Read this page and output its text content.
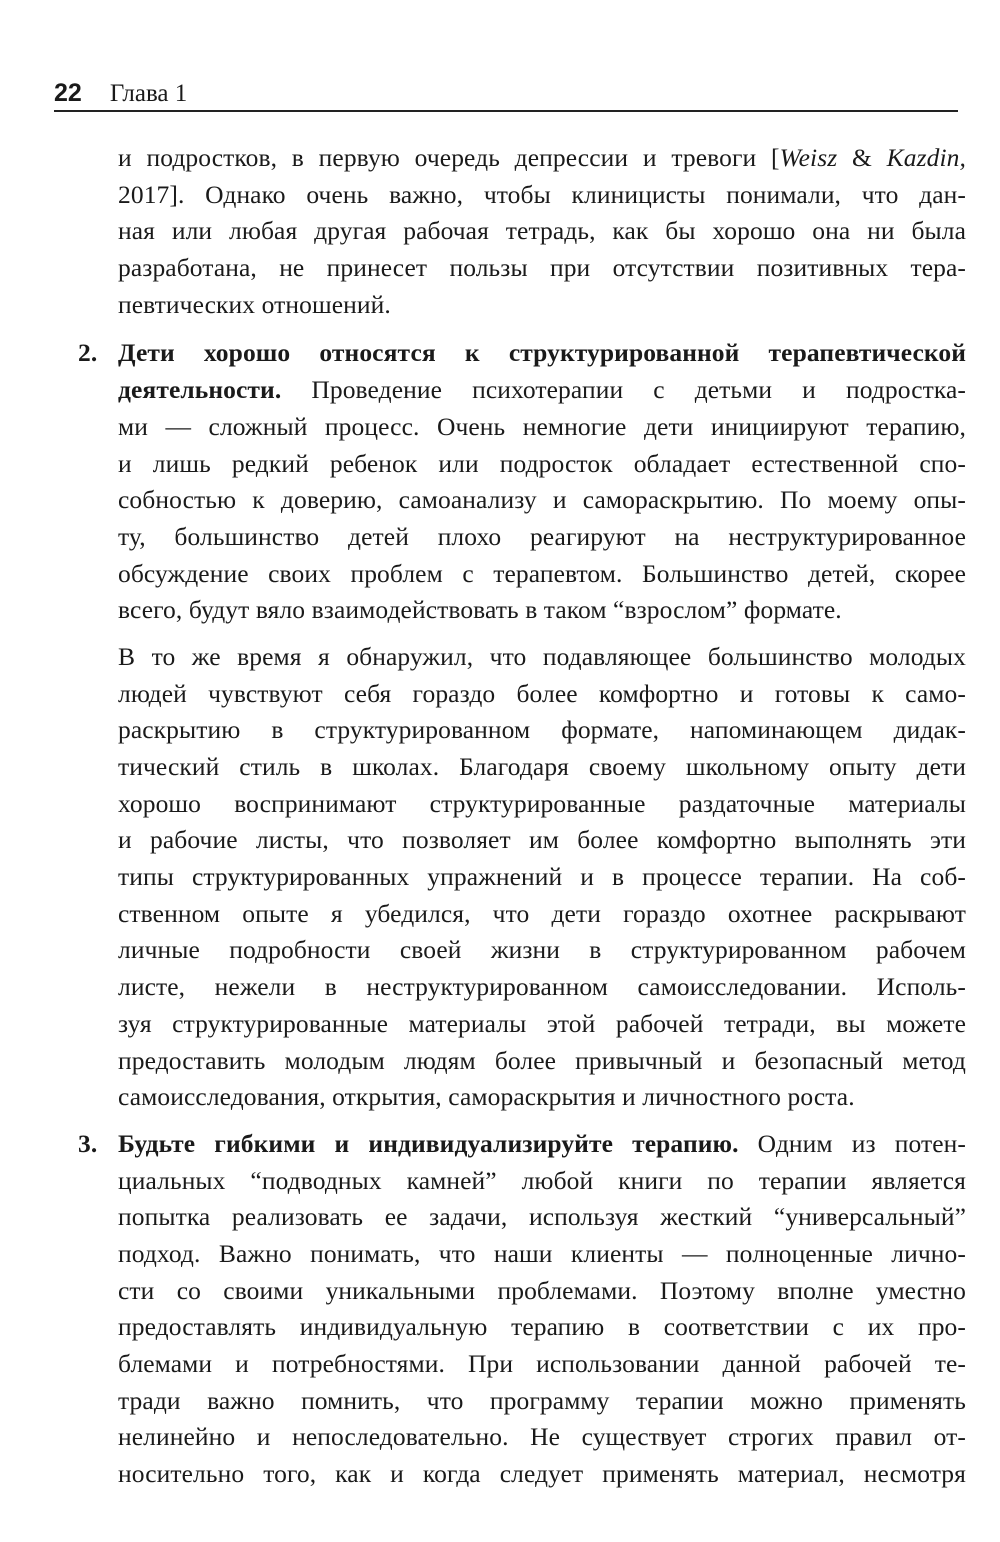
22 Глава 1
и подростков, в первую очередь депрессии и тревоги [Weisz & Kazdin,
2017]. Однако очень важно, чтобы клиницисты понимали, что дан-
ная или любая другая рабочая тетрадь, как бы хорошо она ни была
разработана, не принесет пользы при отсутствии позитивных тера-
певтических отношений.
2. Дети хорошо относятся к структурированной терапевтической
деятельности. Проведение психотерапии с детьми и подростка-
ми — сложный процесс. Очень немногие дети инициируют терапию,
и лишь редкий ребенок или подросток обладает естественной спо-
собностью к доверию, самоанализу и самораскрытию. По моему опы-
ту, большинство детей плохо реагируют на неструктурированное
обсуждение своих проблем с терапевтом. Большинство детей, скорее
всего, будут вяло взаимодействовать в таком “взрослом” формате.
В то же время я обнаружил, что подавляющее большинство молодых
людей чувствуют себя гораздо более комфортно и готовы к само-
раскрытию в структурированном формате, напоминающем дидак-
тический стиль в школах. Благодаря своему школьному опыту дети
хорошо воспринимают структурированные раздаточные материалы
и рабочие листы, что позволяет им более комфортно выполнять эти
типы структурированных упражнений и в процессе терапии. На соб-
ственном опыте я убедился, что дети гораздо охотнее раскрывают
личные подробности своей жизни в структурированном рабочем
листе, нежели в неструктурированном самоисследовании. Исполь-
зуя структурированные материалы этой рабочей тетради, вы можете
предоставить молодым людям более привычный и безопасный метод
самоисследования, открытия, самораскрытия и личностного роста.
3. Будьте гибкими и индивидуализируйте терапию. Одним из потен-
циальных “подводных камней” любой книги по терапии является
попытка реализовать ее задачи, используя жесткий “универсальный”
подход. Важно понимать, что наши клиенты — полноценные лично-
сти со своими уникальными проблемами. Поэтому вполне уместно
предоставлять индивидуальную терапию в соответствии с их про-
блемами и потребностями. При использовании данной рабочей те-
тради важно помнить, что программу терапии можно применять
нелинейно и непоследовательно. Не существует строгих правил от-
носительно того, как и когда следует применять материал, несмотря
